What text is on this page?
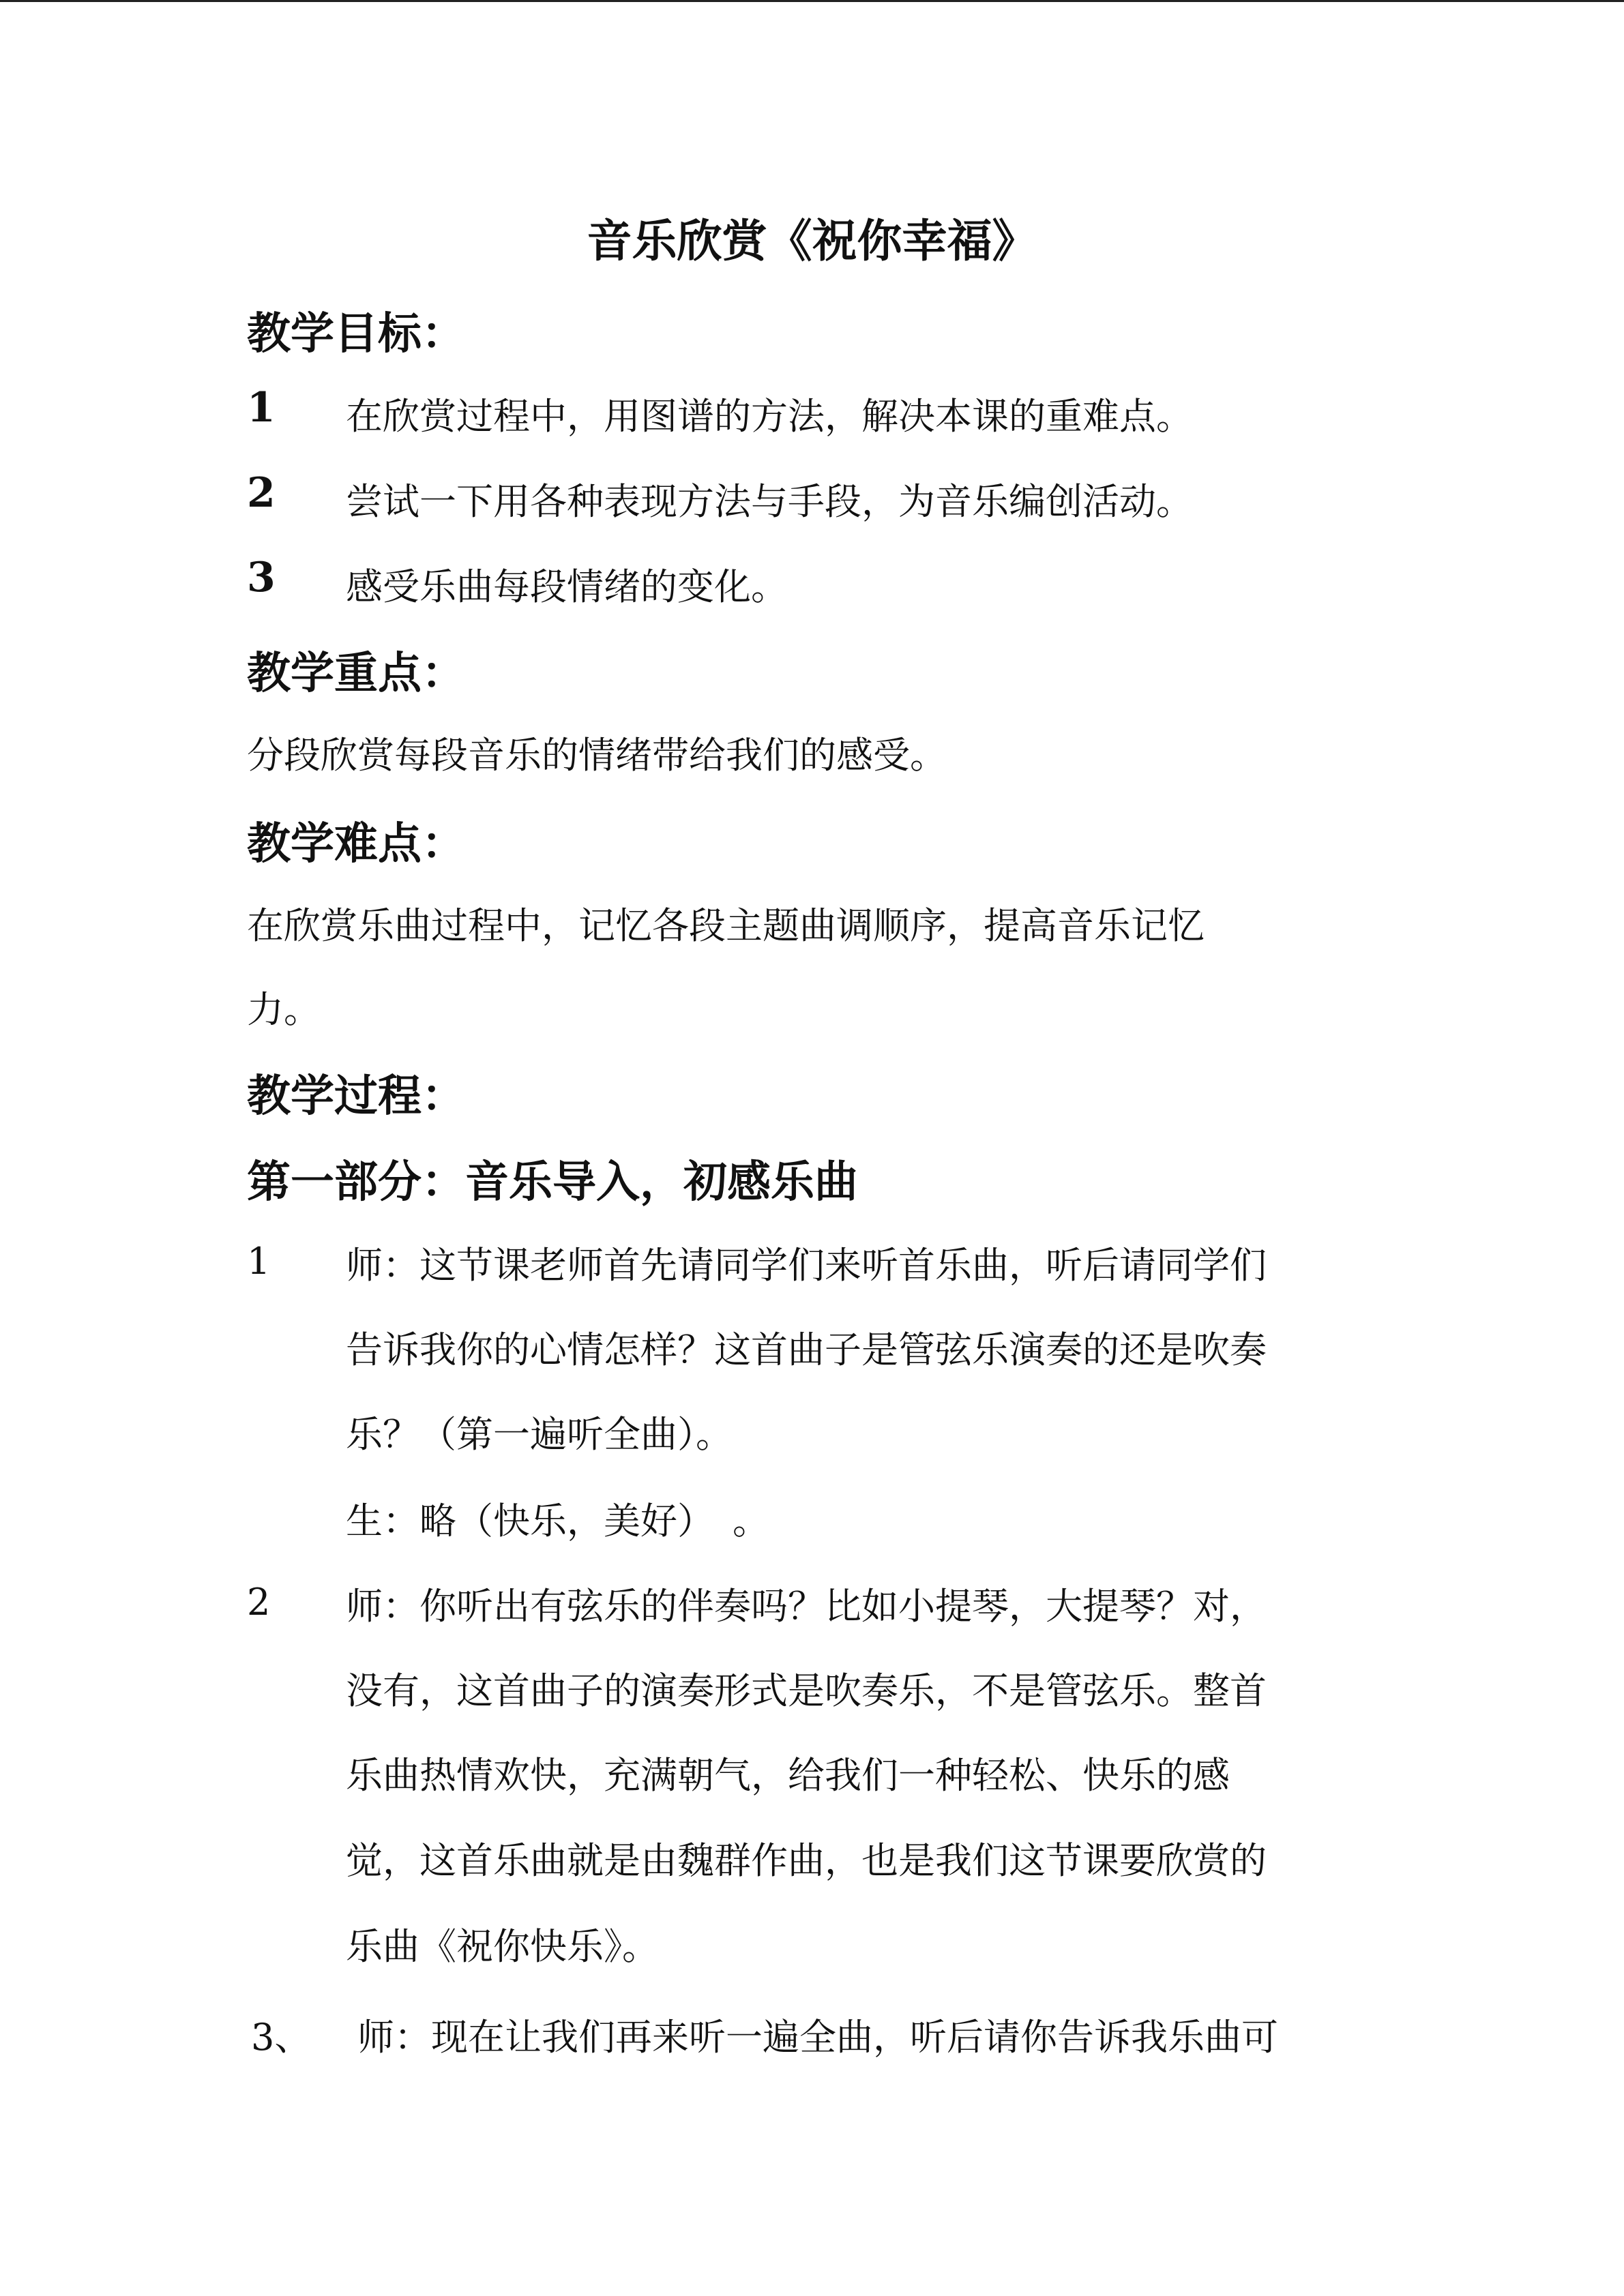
音乐欣赏《祝你幸福》
教学目标：
1 在欣赏过程中，用图谱的方法，解决本课的重难点。
2 尝试一下用各种表现方法与手段，为音乐编创活动。
3 感受乐曲每段情绪的变化。
教学重点：
分段欣赏每段音乐的情绪带给我们的感受。
教学难点：
在欣赏乐曲过程中，记忆各段主题曲调顺序，提高音乐记忆
力。
教学过程：
第一部分：音乐导入，初感乐曲
1 师：这节课老师首先请同学们来听首乐曲，听后请同学们
告诉我你的心情怎样？这首曲子是管弦乐演奏的还是吹奏
乐？（第一遍听全曲）。
生：略（快乐，美好）　。
2 师：你听出有弦乐的伴奏吗？比如小提琴，大提琴？对，
没有，这首曲子的演奏形式是吹奏乐，不是管弦乐。整首
乐曲热情欢快，充满朝气，给我们一种轻松、快乐的感
觉，这首乐曲就是由魏群作曲，也是我们这节课要欣赏的
乐曲《祝你快乐》。
3、 师：现在让我们再来听一遍全曲，听后请你告诉我乐曲可
